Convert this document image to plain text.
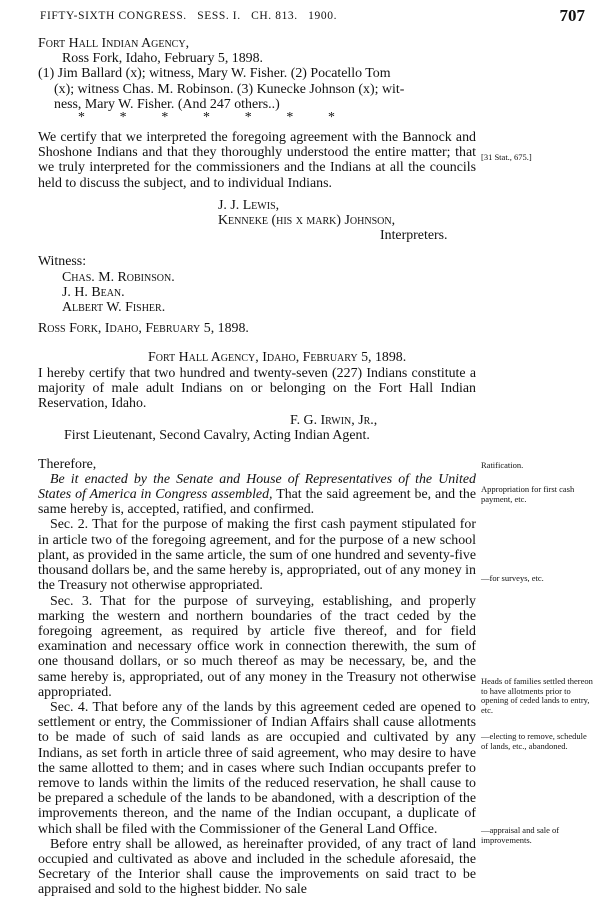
FIFTY-SIXTH CONGRESS.   SESS. I.   CH. 813.   1900.	707
Fort Hall Indian Agency,
Ross Fork, Idaho, February 5, 1898.
(1) Jim Ballard (x); witness, Mary W. Fisher. (2) Pocatello Tom
(x); witness Chas. M. Robinson. (3) Kunecke Johnson (x); wit-
ness, Mary W. Fisher. (And 247 others..)
*          *          *          *          *          *          *

We certify that we interpreted the foregoing agreement with the Bannock and Shoshone Indians and that they thoroughly understood the entire matter; that we truly interpreted for the commissioners and the Indians at all the councils held to discuss the subject, and to individual Indians.

J. J. Lewis,
Kenneke (his x mark) Johnson,
Interpreters.
Witness:
Chas. M. Robinson.
J. H. Bean.
Albert W. Fisher.
Ross Fork, Idaho, February 5, 1898.
Fort Hall Agency, Idaho, February 5, 1898.

I hereby certify that two hundred and twenty-seven (227) Indians constitute a majority of male adult Indians on or belonging on the Fort Hall Indian Reservation, Idaho.

F. G. Irwin, Jr.,
First Lieutenant, Second Cavalry, Acting Indian Agent.
Therefore,

Be it enacted by the Senate and House of Representatives of the United States of America in Congress assembled, That the said agreement be, and the same hereby is, accepted, ratified, and confirmed.

Sec. 2. That for the purpose of making the first cash payment stipulated for in article two of the foregoing agreement, and for the purpose of a new school plant, as provided in the same article, the sum of one hundred and seventy-five thousand dollars be, and the same hereby is, appropriated, out of any money in the Treasury not otherwise appropriated.

Sec. 3. That for the purpose of surveying, establishing, and properly marking the western and northern boundaries of the tract ceded by the foregoing agreement, as required by article five thereof, and for field examination and necessary office work in connection therewith, the sum of one thousand dollars, or so much thereof as may be necessary, be, and the same hereby is, appropriated, out of any money in the Treasury not otherwise appropriated.

Sec. 4. That before any of the lands by this agreement ceded are opened to settlement or entry, the Commissioner of Indian Affairs shall cause allotments to be made of such of said lands as are occupied and cultivated by any Indians, as set forth in article three of said agreement, who may desire to have the same allotted to them; and in cases where such Indian occupants prefer to remove to lands within the limits of the reduced reservation, he shall cause to be prepared a schedule of the lands to be abandoned, with a description of the improvements thereon, and the name of the Indian occupant, a duplicate of which shall be filed with the Commissioner of the General Land Office.

Before entry shall be allowed, as hereinafter provided, of any tract of land occupied and cultivated as above and included in the schedule aforesaid, the Secretary of the Interior shall cause the improvements on said tract to be appraised and sold to the highest bidder. No sale

[31 Stat., 675.]
Ratification.
Appropriation for first cash payment, etc.
—for surveys, etc.
Heads of families settled thereon to have allotments prior to opening of ceded lands to entry, etc.
—electing to remove, schedule of lands, etc., abandoned.
—appraisal and sale of improvements.
